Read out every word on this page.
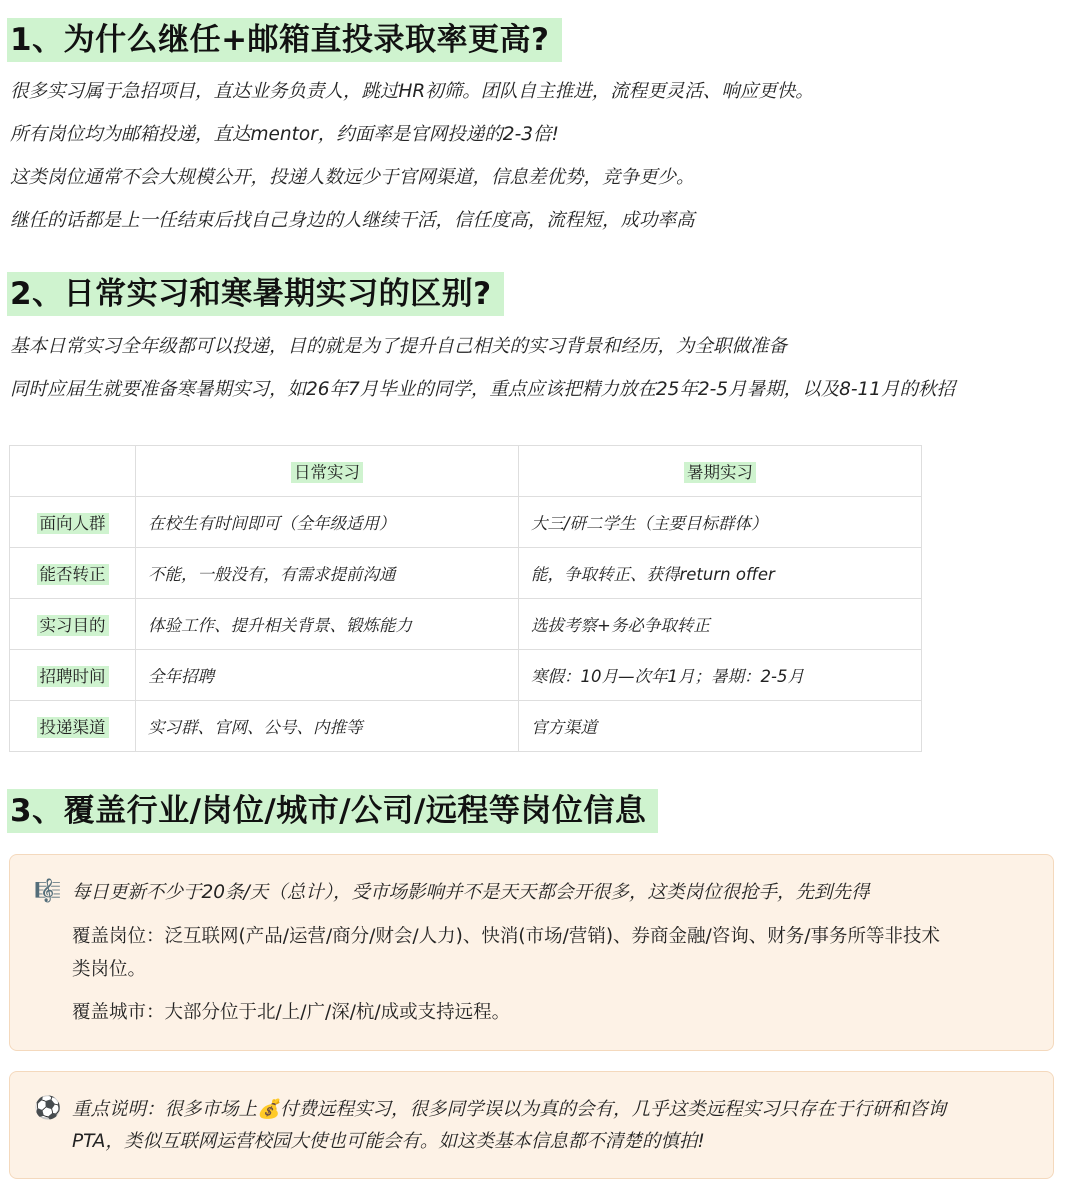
1、为什么继任+邮箱直投录取率更高?
很多实习属于急招项目，直达业务负责人，跳过HR初筛。团队自主推进，流程更灵活、响应更快。
所有岗位均为邮箱投递，直达mentor，约面率是官网投递的2-3倍!
这类岗位通常不会大规模公开，投递人数远少于官网渠道，信息差优势，竞争更少。
继任的话都是上一任结束后找自己身边的人继续干活，信任度高，流程短，成功率高
2、日常实习和寒暑期实习的区别?
基本日常实习全年级都可以投递，目的就是为了提升自己相关的实习背景和经历，为全职做准备
同时应届生就要准备寒暑期实习，如26年7月毕业的同学，重点应该把精力放在25年2-5月暑期，以及8-11月的秋招
	日常实习	暑期实习
面向人群	在校生有时间即可（全年级适用）	大三/研二学生（主要目标群体）
能否转正	不能，一般没有，有需求提前沟通	能，争取转正、获得return offer
实习目的	体验工作、提升相关背景、锻炼能力	选拔考察+务必争取转正
招聘时间	全年招聘	寒假：10月—次年1月；暑期：2-5月
投递渠道	实习群、官网、公号、内推等	官方渠道
3、覆盖行业/岗位/城市/公司/远程等岗位信息
🎼 每日更新不少于20条/天（总计），受市场影响并不是天天都会开很多，这类岗位很抢手，先到先得
覆盖岗位：泛互联网(产品/运营/商分/财会/人力)、快消(市场/营销)、券商金融/咨询、财务/事务所等非技术
类岗位。
覆盖城市：大部分位于北/上/广/深/杭/成或支持远程。
⚽ 重点说明：很多市场上💰付费远程实习，很多同学误以为真的会有，几乎这类远程实习只存在于行研和咨询
PTA，类似互联网运营校园大使也可能会有。如这类基本信息都不清楚的慎拍!
